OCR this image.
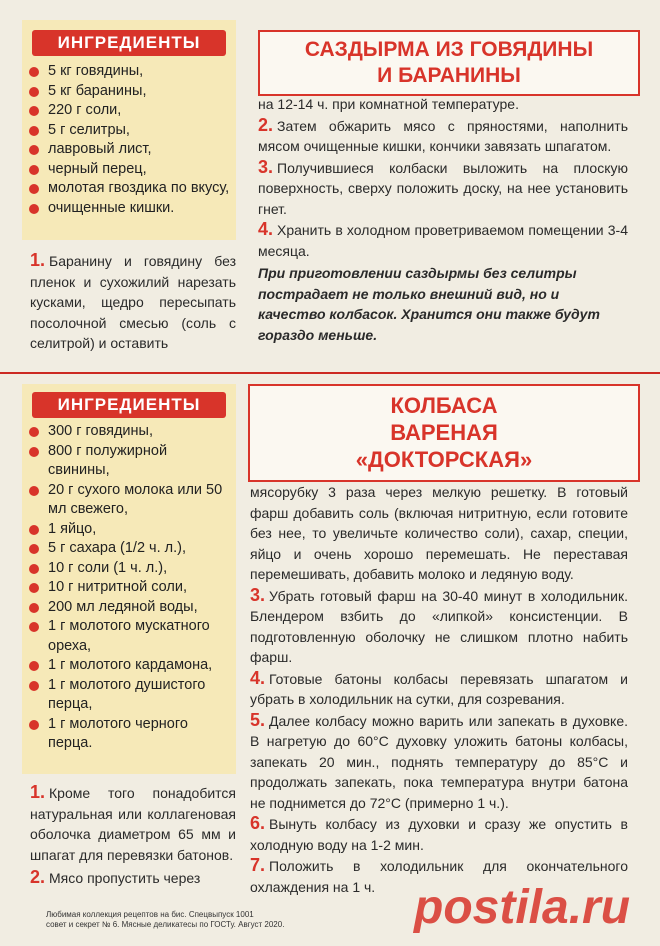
ИНГРЕДИЕНТЫ
5 кг говядины,
5 кг баранины,
220 г соли,
5 г селитры,
лавровый лист,
черный перец,
молотая гвоздика по вкусу,
очищенные кишки.
САЗДЫРМА ИЗ ГОВЯДИНЫ
И БАРАНИНЫ
1. Баранину и говядину без пленок и сухожилий нарезать кусками, щедро пересыпать посолочной смесью (соль с селитрой) и оставить
на 12-14 ч. при комнатной температуре.
2. Затем обжарить мясо с пряностями, наполнить мясом очищенные кишки, кончики завязать шпагатом.
3. Получившиеся колбаски выложить на плоскую поверхность, сверху положить доску, на нее установить гнет.
4. Хранить в холодном проветриваемом помещении 3-4 месяца.
При приготовлении саздырмы без селитры пострадает не только внешний вид, но и качество колбасок. Хранится они также будут гораздо меньше.
ИНГРЕДИЕНТЫ
300 г говядины,
800 г полужирной свинины,
20 г сухого молока или 50 мл свежего,
1 яйцо,
5 г сахара (1/2 ч. л.),
10 г соли (1 ч. л.),
10 г нитритной соли,
200 мл ледяной воды,
1 г молотого мускатного ореха,
1 г молотого кардамона,
1 г молотого душистого перца,
1 г молотого черного перца.
КОЛБАСА
ВАРЕНАЯ
«ДОКТОРСКАЯ»
1. Кроме того понадобится натуральная или коллагеновая оболочка диаметром 65 мм и шпагат для перевязки батонов.
2. Мясо пропустить через
мясорубку 3 раза через мелкую решетку. В готовый фарш добавить соль (включая нитритную, если готовите без нее, то увеличьте количество соли), сахар, специи, яйцо и очень хорошо перемешать. Не переставая перемешивать, добавить молоко и ледяную воду.
3. Убрать готовый фарш на 30-40 минут в холодильник. Блендером взбить до «липкой» консистенции. В подготовленную оболочку не слишком плотно набить фарш.
4. Готовые батоны колбасы перевязать шпагатом и убрать в холодильник на сутки, для созревания.
5. Далее колбасу можно варить или запекать в духовке. В нагретую до 60°С духовку уложить батоны колбасы, запекать 20 мин., поднять температуру до 85°С и продолжать запекать, пока температура внутри батона не поднимется до 72°С (примерно 1 ч.).
6. Вынуть колбасу из духовки и сразу же опустить в холодную воду на 1-2 мин.
7. Положить в холодильник для окончательного охлаждения на 1 ч.
Любимая коллекция рецептов на бис. Спецвыпуск 1001
совет и секрет № 6. Мясные деликатесы по ГОСТу. Август 2020.	postila.ru
